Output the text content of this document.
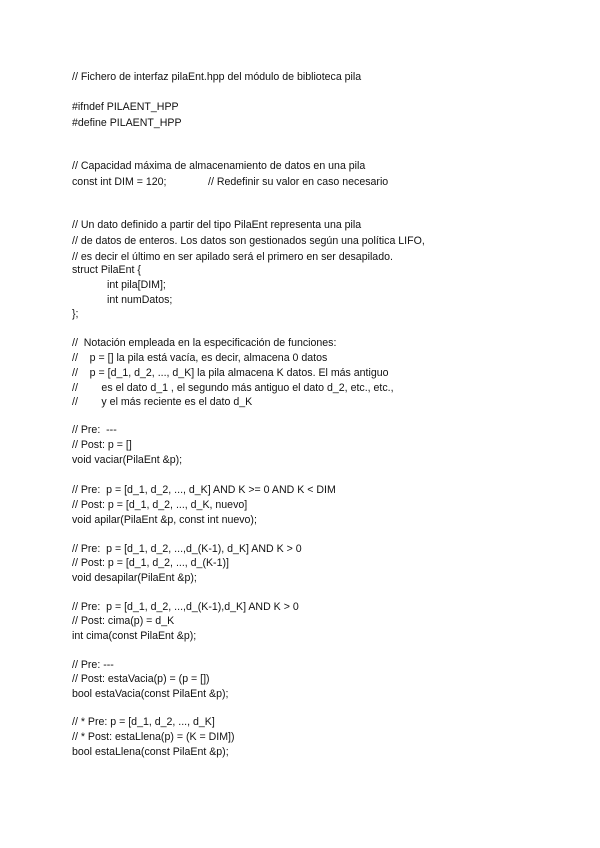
// Fichero de interfaz pilaEnt.hpp del módulo de biblioteca pila
#ifndef PILAENT_HPP
#define PILAENT_HPP
// Capacidad máxima de almacenamiento de datos en una pila
const int DIM = 120;	// Redefinir su valor en caso necesario
// Un dato definido a partir del tipo PilaEnt representa una pila
// de datos de enteros. Los datos son gestionados según una política LIFO,
// es decir el último en ser apilado será el primero en ser desapilado.
struct PilaEnt {
int pila[DIM];
int numDatos;
};
//  Notación empleada en la especificación de funciones:
//    p = [] la pila está vacía, es decir, almacena 0 datos
//    p = [d_1, d_2, ..., d_K] la pila almacena K datos. El más antiguo
//        es el dato d_1 , el segundo más antiguo el dato d_2, etc., etc.,
//        y el más reciente es el dato d_K
// Pre:  ---
// Post: p = []
void vaciar(PilaEnt &p);
// Pre:  p = [d_1, d_2, ..., d_K] AND K >= 0 AND K < DIM
// Post: p = [d_1, d_2, ..., d_K, nuevo]
void apilar(PilaEnt &p, const int nuevo);
// Pre:  p = [d_1, d_2, ...,d_(K-1), d_K] AND K > 0
// Post: p = [d_1, d_2, ..., d_(K-1)]
void desapilar(PilaEnt &p);
// Pre:  p = [d_1, d_2, ...,d_(K-1),d_K] AND K > 0
// Post: cima(p) = d_K
int cima(const PilaEnt &p);
// Pre: ---
// Post: estaVacia(p) = (p = [])
bool estaVacia(const PilaEnt &p);
// * Pre: p = [d_1, d_2, ..., d_K]
// * Post: estaLlena(p) = (K = DIM])
bool estaLlena(const PilaEnt &p);
